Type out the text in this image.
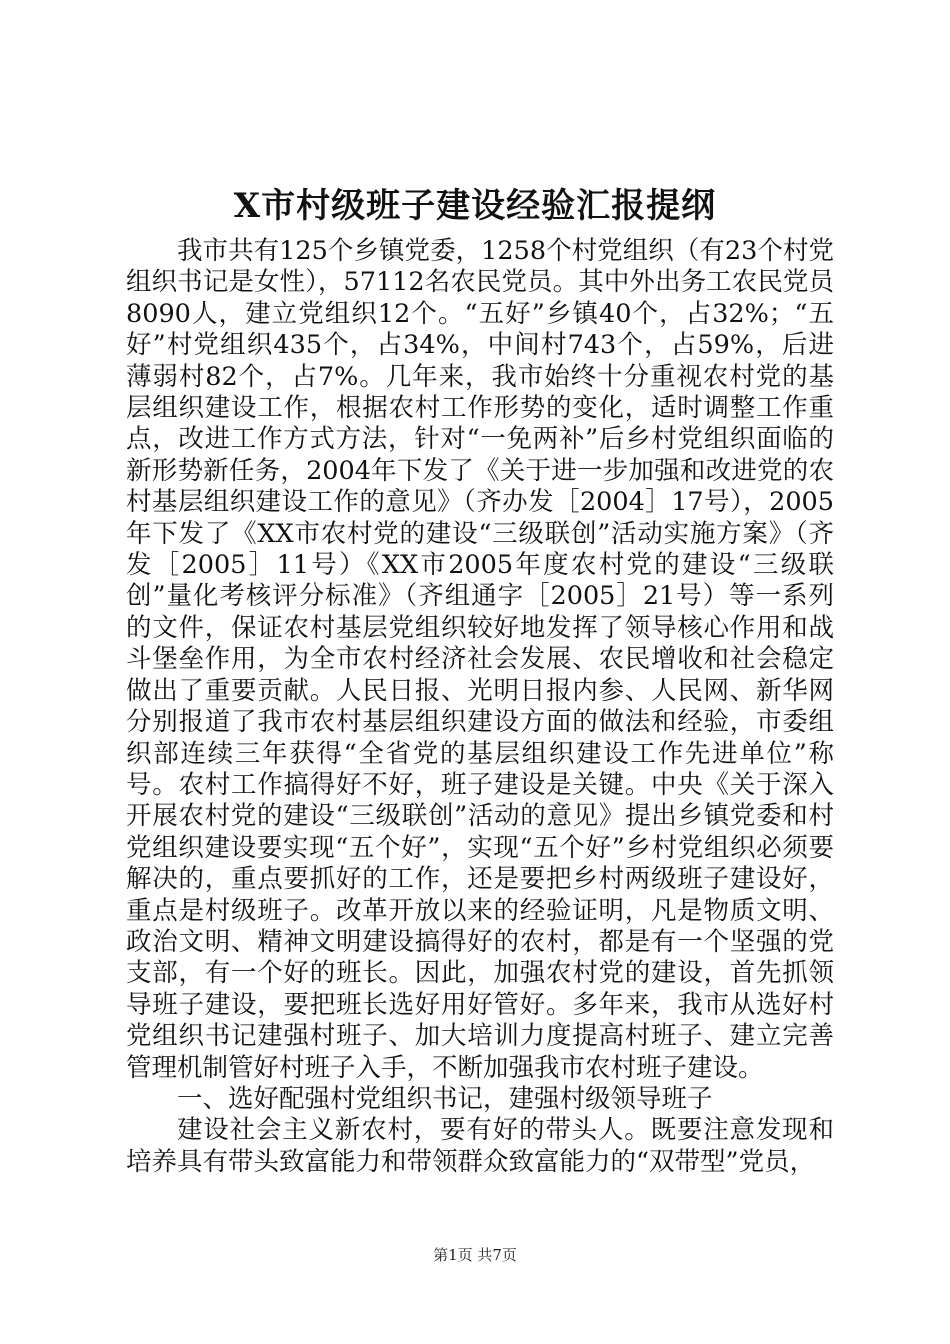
X市村级班子建设经验汇报提纲

我市共有125个乡镇党委，1258个村党组织（有23个村党组织书记是女性），57112名农民党员。其中外出务工农民党员8090人，建立党组织12个。“五好”乡镇40个，占32%；“五好”村党组织435个，占34%，中间村743个，占59%，后进薄弱村82个，占7%。几年来，我市始终十分重视农村党的基层组织建设工作，根据农村工作形势的变化，适时调整工作重点，改进工作方式方法，针对“一免两补”后乡村党组织面临的新形势新任务，2004年下发了《关于进一步加强和改进党的农村基层组织建设工作的意见》（齐办发［2004］17号），2005年下发了《XX市农村党的建设“三级联创”活动实施方案》（齐发［2005］11号）《XX市2005年度农村党的建设“三级联创”量化考核评分标准》（齐组通字［2005］21号）等一系列的文件，保证农村基层党组织较好地发挥了领导核心作用和战斗堡垒作用，为全市农村经济社会发展、农民增收和社会稳定做出了重要贡献。人民日报、光明日报内参、人民网、新华网分别报道了我市农村基层组织建设方面的做法和经验，市委组织部连续三年获得“全省党的基层组织建设工作先进单位”称号。农村工作搞得好不好，班子建设是关键。中央《关于深入开展农村党的建设“三级联创”活动的意见》提出乡镇党委和村党组织建设要实现“五个好”，实现“五个好”乡村党组织必须要解决的，重点要抓好的工作，还是要把乡村两级班子建设好，重点是村级班子。改革开放以来的经验证明，凡是物质文明、政治文明、精神文明建设搞得好的农村，都是有一个坚强的党支部，有一个好的班长。因此，加强农村党的建设，首先抓领导班子建设，要把班长选好用好管好。多年来，我市从选好村党组织书记建强村班子、加大培训力度提高村班子、建立完善管理机制管好村班子入手，不断加强我市农村班子建设。

一、选好配强村党组织书记，建强村级领导班子

建设社会主义新农村，要有好的带头人。既要注意发现和培养具有带头致富能力和带领群众致富能力的“双带型”党员，

第1页 共7页
